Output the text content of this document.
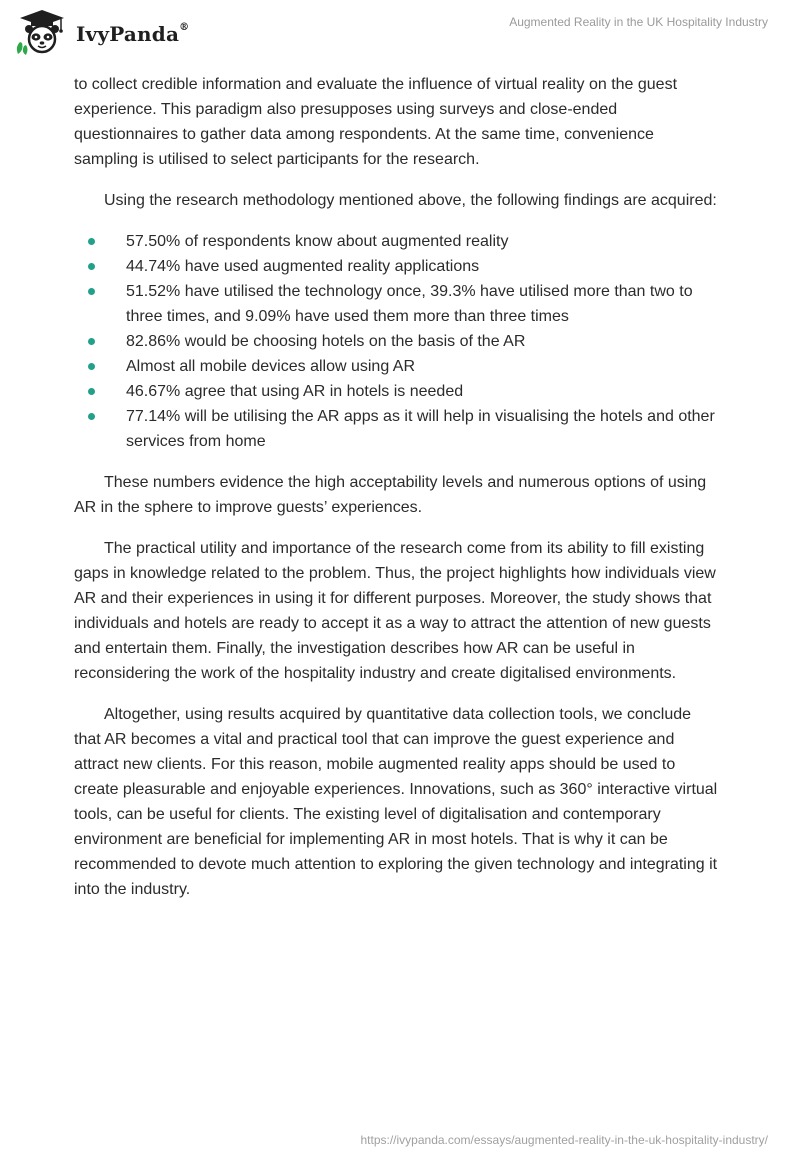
IvyPanda®	Augmented Reality in the UK Hospitality Industry

to collect credible information and evaluate the influence of virtual reality on the guest experience. This paradigm also presupposes using surveys and close-ended questionnaires to gather data among respondents. At the same time, convenience sampling is utilised to select participants for the research.

Using the research methodology mentioned above, the following findings are acquired:

57.50% of respondents know about augmented reality
44.74% have used augmented reality applications
51.52% have utilised the technology once, 39.3% have utilised more than two to three times, and 9.09% have used them more than three times
82.86% would be choosing hotels on the basis of the AR
Almost all mobile devices allow using AR
46.67% agree that using AR in hotels is needed
77.14% will be utilising the AR apps as it will help in visualising the hotels and other services from home

These numbers evidence the high acceptability levels and numerous options of using AR in the sphere to improve guests’ experiences.

The practical utility and importance of the research come from its ability to fill existing gaps in knowledge related to the problem. Thus, the project highlights how individuals view AR and their experiences in using it for different purposes. Moreover, the study shows that individuals and hotels are ready to accept it as a way to attract the attention of new guests and entertain them. Finally, the investigation describes how AR can be useful in reconsidering the work of the hospitality industry and create digitalised environments.

Altogether, using results acquired by quantitative data collection tools, we conclude that AR becomes a vital and practical tool that can improve the guest experience and attract new clients. For this reason, mobile augmented reality apps should be used to create pleasurable and enjoyable experiences. Innovations, such as 360° interactive virtual tools, can be useful for clients. The existing level of digitalisation and contemporary environment are beneficial for implementing AR in most hotels. That is why it can be recommended to devote much attention to exploring the given technology and integrating it into the industry.

https://ivypanda.com/essays/augmented-reality-in-the-uk-hospitality-industry/
